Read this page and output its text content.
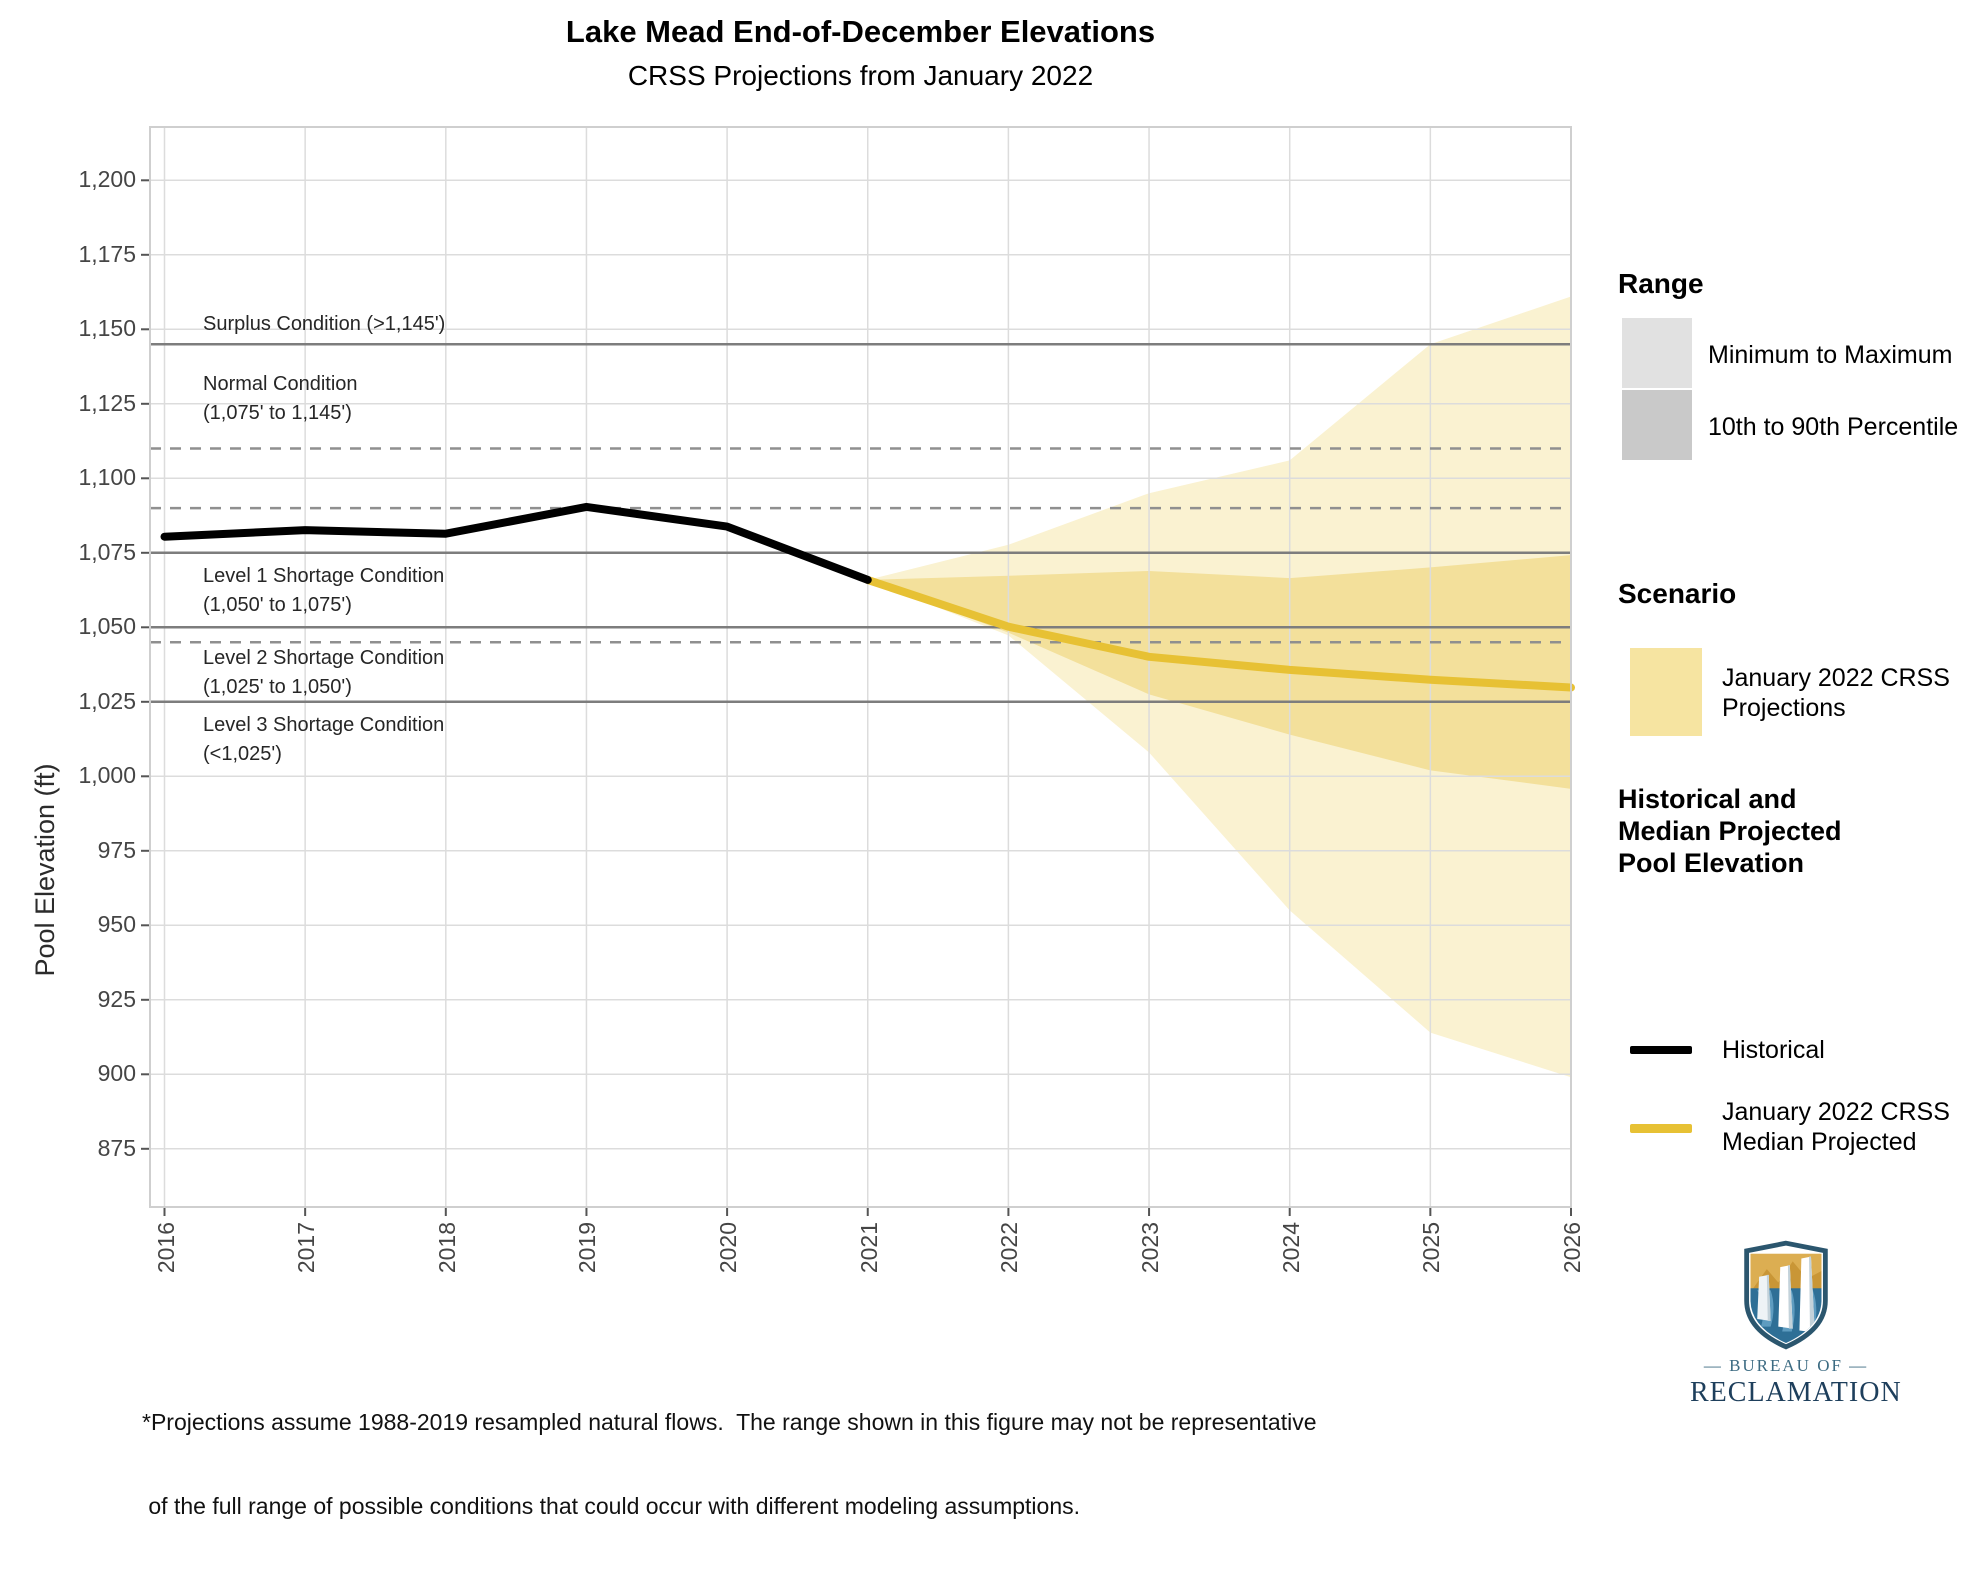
Lake Mead End-of-December Elevations
CRSS Projections from January 2022
Pool Elevation (ft)
Surplus Condition (>1,145')
Normal Condition
(1,075' to 1,145')
Level 1 Shortage Condition
(1,050' to 1,075')
Level 2 Shortage Condition
(1,025' to 1,050')
Level 3 Shortage Condition
(<1,025')
1,200
1,175
1,150
1,125
1,100
1,075
1,050
1,025
1,000
975
950
925
900
875
2016	2017	2018	2019	2020	2021	2022	2023	2024	2025	2026
Range
Minimum to Maximum
10th to 90th Percentile
Scenario
January 2022 CRSS
Projections
Historical and
Median Projected
Pool Elevation
Historical
January 2022 CRSS
Median Projected

*Projections assume 1988-2019 resampled natural flows.  The range shown in this figure may not be representative

of the full range of possible conditions that could occur with different modeling assumptions.

— BUREAU OF —
RECLAMATION
